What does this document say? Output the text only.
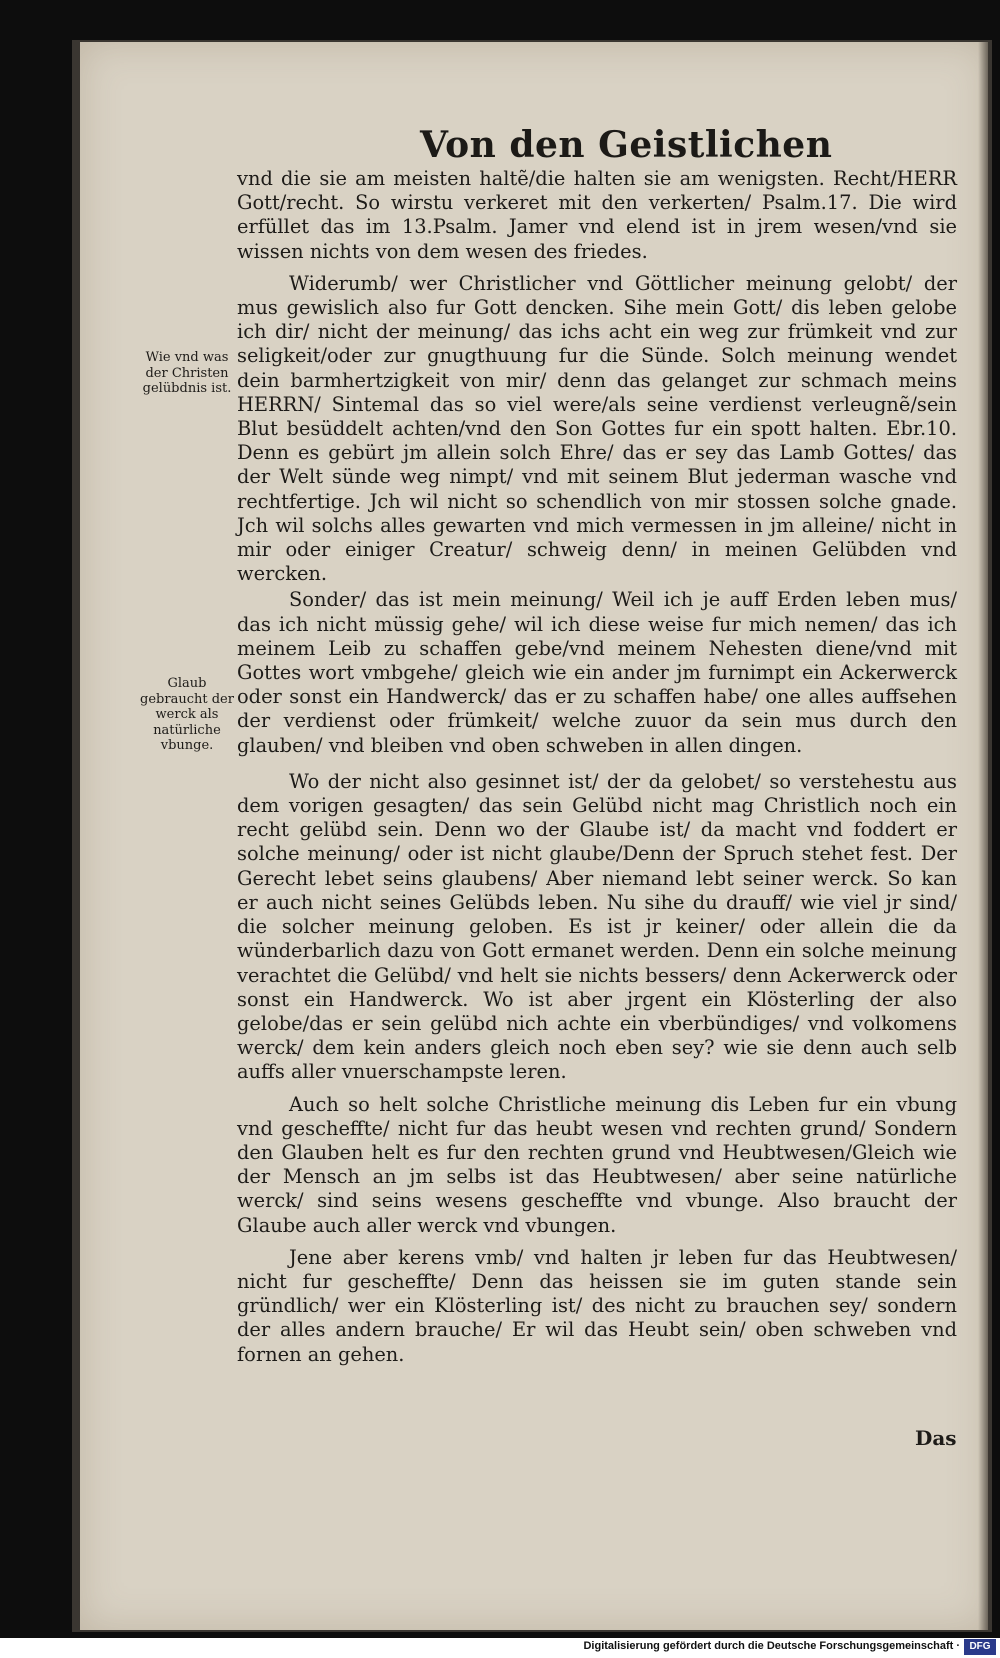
Von den Geistlichen
Wie vnd was der Christen gelübdnis ist.
Glaub gebraucht der werck als natürliche vbunge.

vnd die sie am meisten haltẽ/die halten sie am wenigsten. Recht/HERR Gott/recht. So wirstu verkeret mit den verkerten/ Psalm.17. Die wird erfüllet das im 13.Psalm. Jamer vnd elend ist in jrem wesen/vnd sie wissen nichts von dem wesen des friedes.

Widerumb/ wer Christlicher vnd Göttlicher meinung gelobt/ der mus gewislich also fur Gott dencken. Sihe mein Gott/ dis leben gelobe ich dir/ nicht der meinung/ das ichs acht ein weg zur frümkeit vnd zur seligkeit/oder zur gnugthuung fur die Sünde. Solch meinung wendet dein barmhertzigkeit von mir/ denn das gelanget zur schmach meins HERRN/ Sintemal das so viel were/als seine verdienst verleugnẽ/sein Blut besüddelt achten/vnd den Son Gottes fur ein spott halten. Ebr.10. Denn es gebürt jm allein solch Ehre/ das er sey das Lamb Gottes/ das der Welt sünde weg nimpt/ vnd mit seinem Blut jederman wasche vnd rechtfertige. Jch wil nicht so schendlich von mir stossen solche gnade. Jch wil solchs alles gewarten vnd mich vermessen in jm alleine/ nicht in mir oder einiger Creatur/ schweig denn/ in meinen Gelübden vnd wercken.

Sonder/ das ist mein meinung/ Weil ich je auff Erden leben mus/ das ich nicht müssig gehe/ wil ich diese weise fur mich nemen/ das ich meinem Leib zu schaffen gebe/vnd meinem Nehesten diene/vnd mit Gottes wort vmbgehe/ gleich wie ein ander jm furnimpt ein Ackerwerck oder sonst ein Handwerck/ das er zu schaffen habe/ one alles auffsehen der verdienst oder frümkeit/ welche zuuor da sein mus durch den glauben/ vnd bleiben vnd oben schweben in allen dingen.

Wo der nicht also gesinnet ist/ der da gelobet/ so verstehestu aus dem vorigen gesagten/ das sein Gelübd nicht mag Christlich noch ein recht gelübd sein. Denn wo der Glaube ist/ da macht vnd foddert er solche meinung/ oder ist nicht glaube/Denn der Spruch stehet fest. Der Gerecht lebet seins glaubens/ Aber niemand lebt seiner werck. So kan er auch nicht seines Gelübds leben. Nu sihe du drauff/ wie viel jr sind/ die solcher meinung geloben. Es ist jr keiner/ oder allein die da wünderbarlich dazu von Gott ermanet werden. Denn ein solche meinung verachtet die Gelübd/ vnd helt sie nichts bessers/ denn Ackerwerck oder sonst ein Handwerck. Wo ist aber jrgent ein Klösterling der also gelobe/das er sein gelübd nich achte ein vberbündiges/ vnd volkomens werck/ dem kein anders gleich noch eben sey? wie sie denn auch selb auffs aller vnuerschampste leren.

Auch so helt solche Christliche meinung dis Leben fur ein vbung vnd gescheffte/ nicht fur das heubt wesen vnd rechten grund/ Sondern den Glauben helt es fur den rechten grund vnd Heubtwesen/Gleich wie der Mensch an jm selbs ist das Heubtwesen/ aber seine natürliche werck/ sind seins wesens gescheffte vnd vbunge. Also braucht der Glaube auch aller werck vnd vbungen.

Jene aber kerens vmb/ vnd halten jr leben fur das Heubtwesen/ nicht fur gescheffte/ Denn das heissen sie im guten stande sein gründlich/ wer ein Klösterling ist/ des nicht zu brauchen sey/ sondern der alles andern brauche/ Er wil das Heubt sein/ oben schweben vnd fornen an gehen.

Das
Digitalisierung gefördert durch die Deutsche Forschungsgemeinschaft · DFG
